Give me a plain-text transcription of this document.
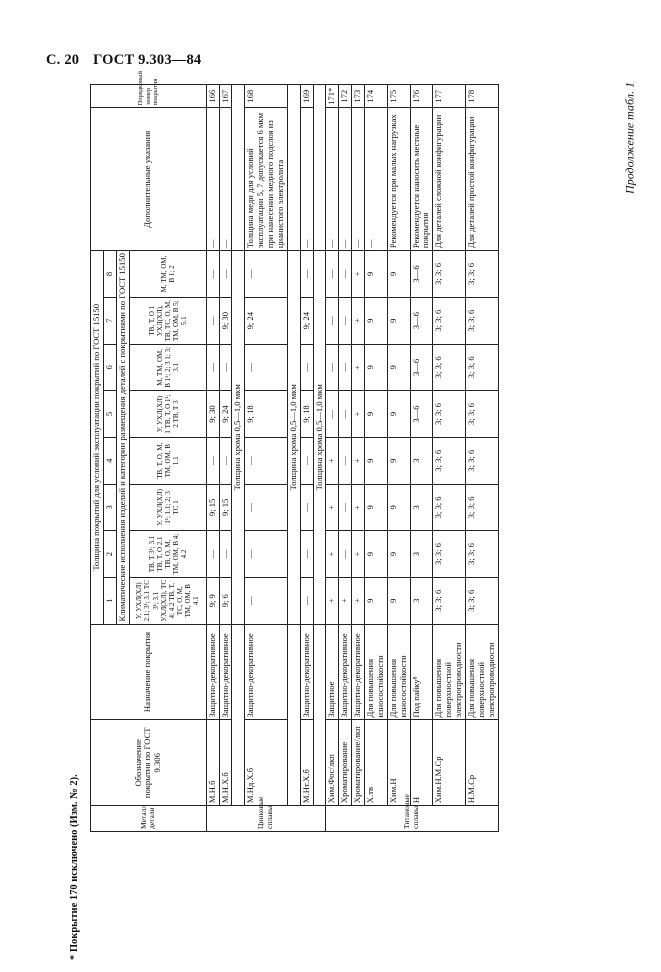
С. 20 ГОСТ 9.303—84
Продолжение табл. 1
Металл детали	Обозначение покрытия по ГОСТ 9.306	Назначение покрытия	Толщина покрытий для условий эксплуатации покрытий по ГОСТ 15150								Дополнительные указания	Порядковый номер покрытия
			1	2	3	4	5	6	7	8		
			Климатические исполнения изделий и категории размещения деталей с покрытиями по ГОСТ 15150									
			У, УХЛ(ХЛ) 2.1; 3¹; 3.1 ТС 3¹; 3.1 УХЛ(ХЛ), ТС 4; 4.2 ТВ, Т, ТС, О, М, ТМ, ОМ, В 4.1	ТВ, Т 3¹; 3.1 ТВ, Т, О 2.1 ТВ, О, М, ТМ, ОМ, В 4; 4.2	У, УХЛ(ХЛ) 1¹; 1.1; 2; 3 ТС 1	ТВ, Т, О, М, ТМ, ОМ, В 1.1	У, УХЛ(ХЛ) 1 ТВ, Т, О 1¹; 2 ТВ, Т 3	М, ТМ, ОМ, В 1¹; 2; 3 1; 3; 3.1	ТВ, Т, О 1 УХЛ(ХЛ), ТВ, ТС, О, М, ТМ, ОМ, В 5; 5.1	М, ТМ, ОМ, В 1; 2		
Цинковые сплавы	М.Н.б	Защитно-декоративное	9; 9	—	9; 15	—	9; 30	—	—	—	—	166
	М.Н.Х.б	Защитно-декоративное	9; 6	—	9; 15	—	9; 24	—	9; 30	—	—	167
			Толщина хрома 0,5—1,0 мкм									
	М.Нд.Х.б	Защитно-декоративное	—	—	—	—	9; 18	—	9; 24	—	Толщина меди для условий эксплуатации 5, 7 допускается 6 мкм при нанесении медного подслоя из цианистого электролита	168
			Толщина хрома 0,5—1,0 мкм									
	М.Нт.Х.б	Защитно-декоративное	—	—	—	—	9; 18	—	9; 24	—	—	169
			Толщина хрома 0,5—1,0 мкм									
Титановые сплавы	Хим.Фос/лкп	Защитное	+	+	+	+	—	—	—	—	—	171*
	Хроматирование	Защитно-декоративное	+	—	—	—	—	—	—	—	—	172
	Хроматирование/лкп	Защитно-декоративное	+	+	+	+	+	+	+	+	—	173
	Х.тв	Для повышения износостойкости	9	9	9	9	9	9	9	9	—	174
	Хим.Н	Для повышения износостойкости	9	9	9	9	9	9	9	9	Рекомендуется при малых нагрузках	175
	Н	Под пайку⁸	3	3	3	3	3—6	3—6	3—6	3—6	Рекомендуется наносить местные покрытия	176
	Хим.Н.М.Ср	Для повышения поверхностной электропроводности	3; 3; 6	3; 3; 6	3; 3; 6	3; 3; 6	3; 3; 6	3; 3; 6	3; 3; 6	3; 3; 6	Для деталей сложной конфигурации	177
	Н.М.Ср	Для повышения поверхностной электропроводности	3; 3; 6	3; 3; 6	3; 3; 6	3; 3; 6	3; 3; 6	3; 3; 6	3; 3; 6	3; 3; 6	Для деталей простой конфигурации	178
* Покрытие 170 исключено (Изм. № 2).
